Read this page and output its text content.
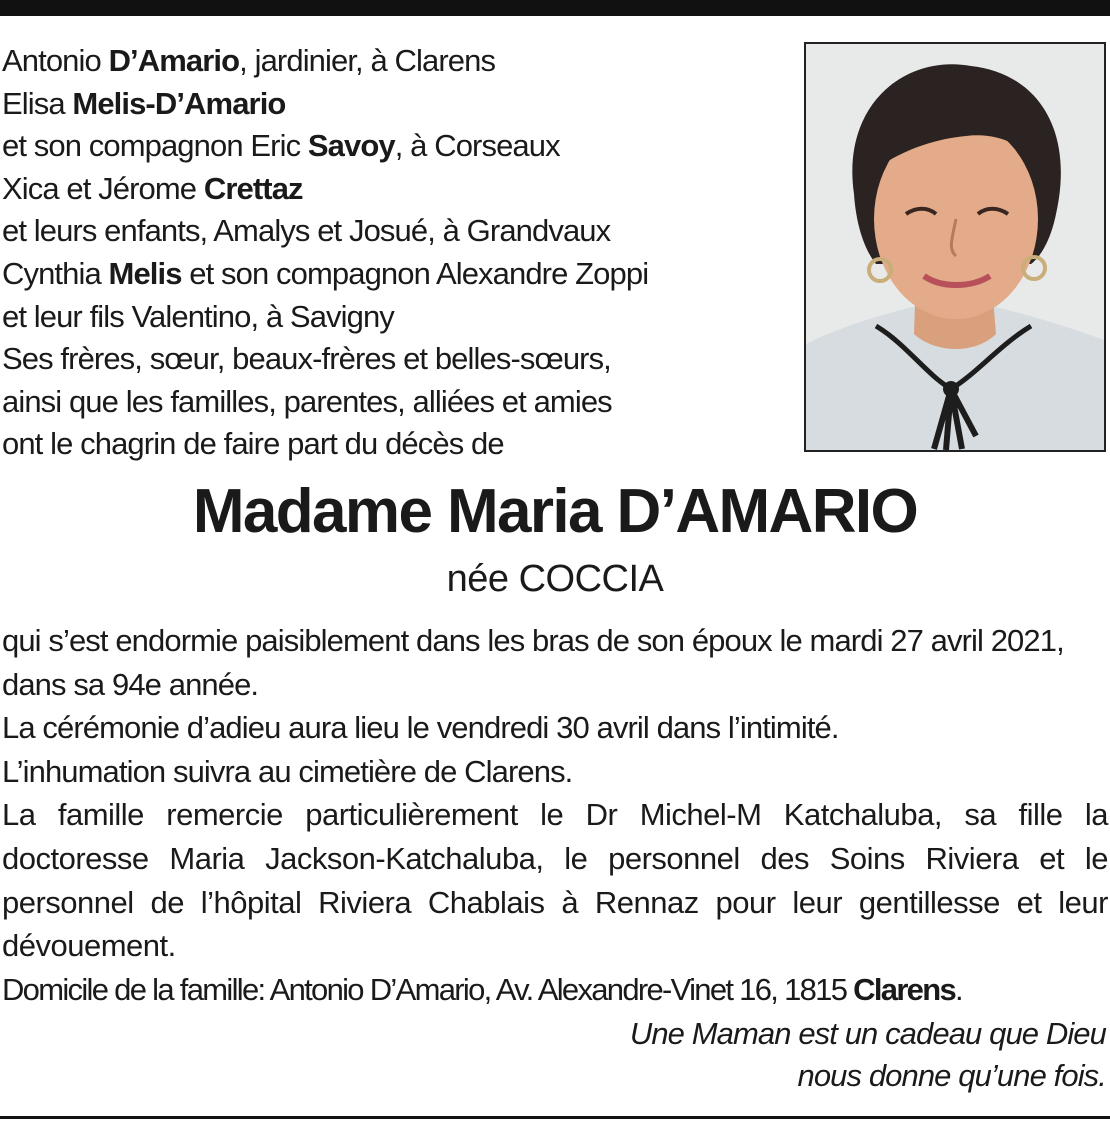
Antonio D’Amario, jardinier, à Clarens
Elisa Melis-D’Amario
et son compagnon Eric Savoy, à Corseaux
Xica et Jérome Crettaz
et leurs enfants, Amalys et Josué, à Grandvaux
Cynthia Melis et son compagnon Alexandre Zoppi
et leur fils Valentino, à Savigny
Ses frères, sœur, beaux-frères et belles-sœurs,
ainsi que les familles, parentes, alliées et amies
ont le chagrin de faire part du décès de
Madame Maria D’AMARIO
née COCCIA

qui s’est endormie paisiblement dans les bras de son époux le mardi 27 avril 2021, dans sa 94e année.

La cérémonie d’adieu aura lieu le vendredi 30 avril dans l’intimité.

L’inhumation suivra au cimetière de Clarens.

La famille remercie particulièrement le Dr Michel-M Katchaluba, sa fille la doctoresse Maria Jackson-Katchaluba, le personnel des Soins Riviera et le personnel de l’hôpital Riviera Chablais à Rennaz pour leur gentillesse et leur dévouement.

Domicile de la famille: Antonio D’Amario, Av. Alexandre-Vinet 16, 1815 Clarens.

Une Maman est un cadeau que Dieu
nous donne qu’une fois.
